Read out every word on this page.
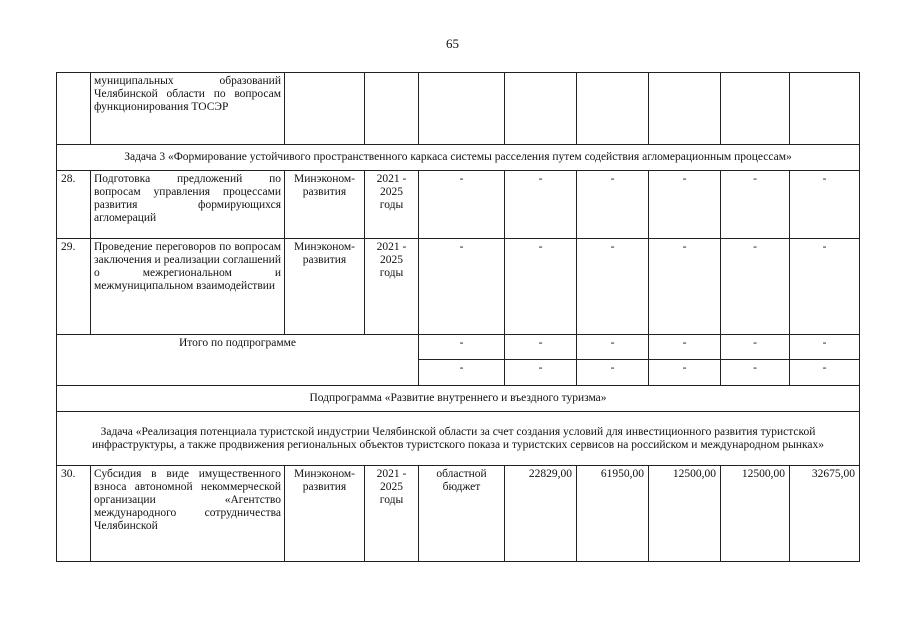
65
	муниципальных образований Челябинской области по вопросам функционирования ТОСЭР								
Задача 3 «Формирование устойчивого пространственного каркаса системы расселения путем содействия агломерационным процессам»									
28.	Подготовка предложений по вопросам управления процессами развития формирующихся агломераций	Минэконом-развития	2021 - 2025 годы	-	-	-	-	-	-
29.	Проведение переговоров по вопросам заключения и реализации соглашений о межрегиональном и межмуниципальном взаимодействии	Минэконом-развития	2021 - 2025 годы	-	-	-	-	-	-
Итого по подпрограмме				-	-	-	-	-	-
				-	-	-	-	-	-
Подпрограмма «Развитие внутреннего и въездного туризма»									
Задача «Реализация потенциала туристской индустрии Челябинской области за счет создания условий для инвестиционного развития туристской инфраструктуры, а также продвижения региональных объектов туристского показа и туристских сервисов на российском и международном рынках»									
30.	Субсидия в виде имущественного взноса автономной некоммерческой организации «Агентство международного сотрудничества Челябинской	Минэконом-развития	2021 - 2025 годы	областной бюджет	22829,00	61950,00	12500,00	12500,00	32675,00
